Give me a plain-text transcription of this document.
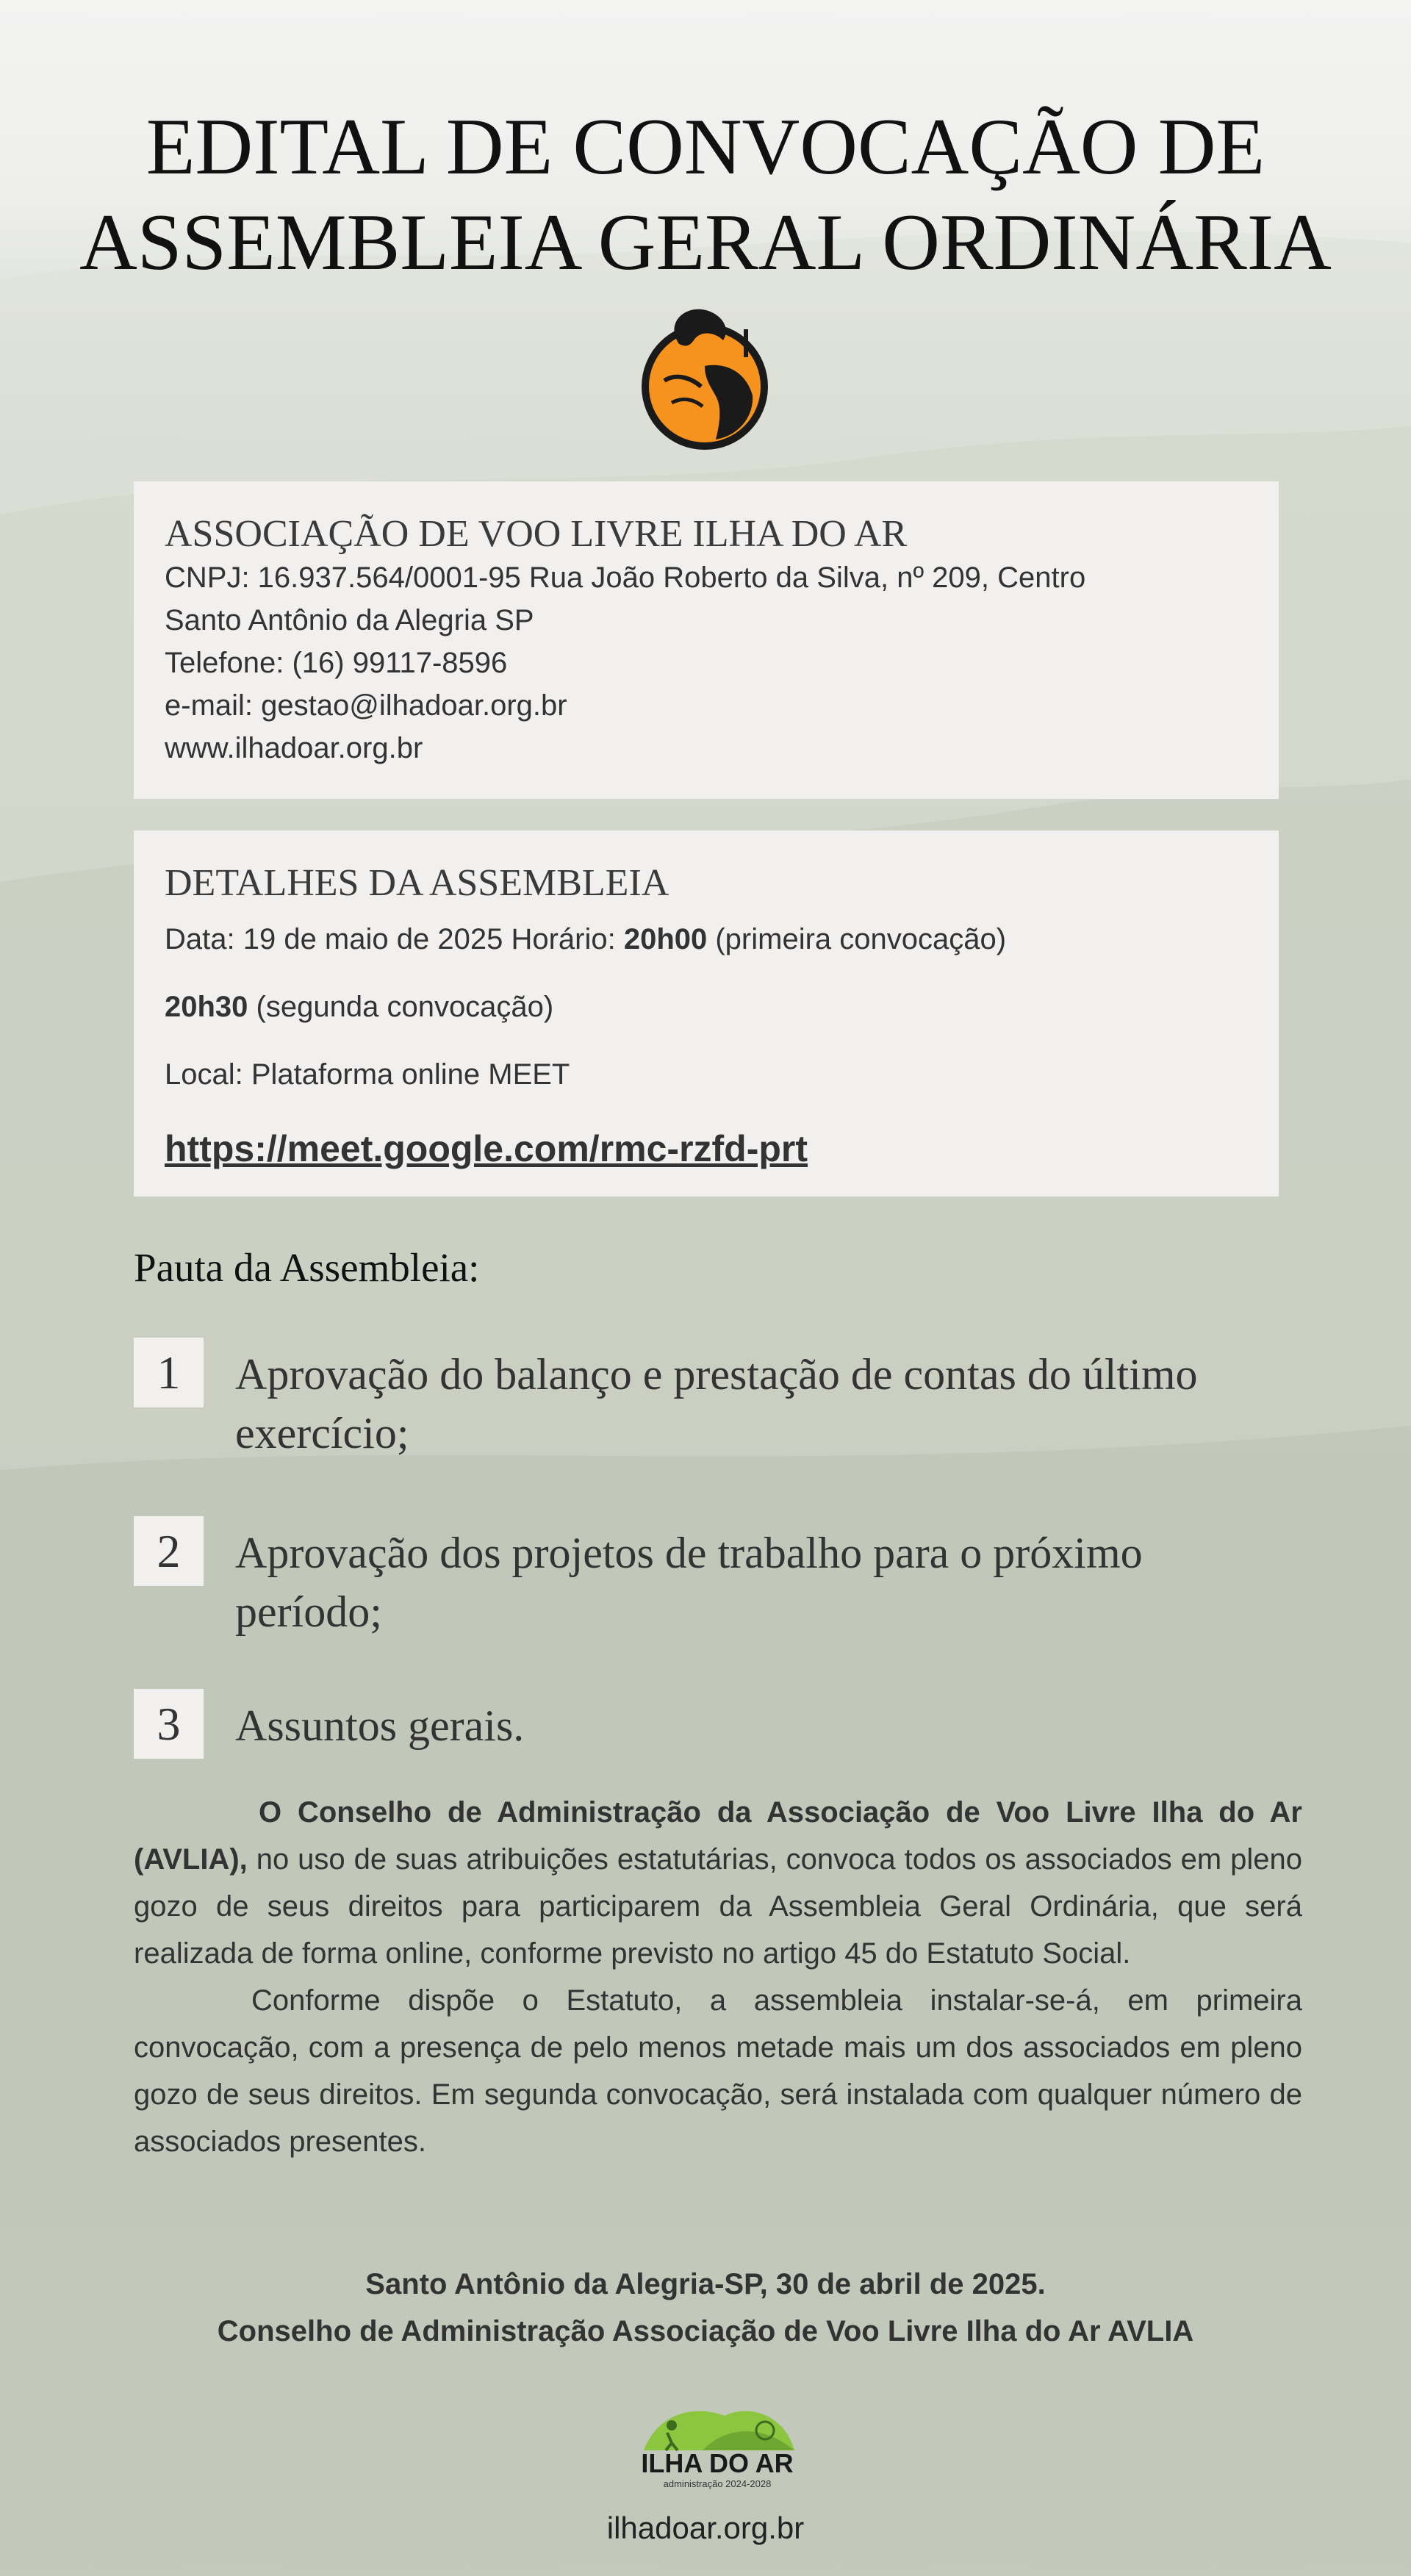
EDITAL DE CONVOCAÇÃO DE
ASSEMBLEIA GERAL ORDINÁRIA
ASSOCIAÇÃO DE VOO LIVRE ILHA DO AR
CNPJ: 16.937.564/0001-95 Rua João Roberto da Silva, nº 209, Centro
Santo Antônio da Alegria SP
Telefone: (16) 99117-8596
e-mail: gestao@ilhadoar.org.br
www.ilhadoar.org.br
DETALHES DA ASSEMBLEIA
Data: 19 de maio de 2025 Horário: 20h00 (primeira convocação)
20h30 (segunda convocação)
Local: Plataforma online MEET
https://meet.google.com/rmc-rzfd-prt
Pauta da Assembleia:
1	Aprovação do balanço e prestação de contas do último
exercício;
2	Aprovação dos projetos de trabalho para o próximo
período;
3	Assuntos gerais.

O Conselho de Administração da Associação de Voo Livre Ilha do Ar (AVLIA), no uso de suas atribuições estatutárias, convoca todos os associados em pleno gozo de seus direitos para participarem da Assembleia Geral Ordinária, que será realizada de forma online, conforme previsto no artigo 45 do Estatuto Social.

Conforme dispõe o Estatuto, a assembleia instalar-se-á, em primeira convocação, com a presença de pelo menos metade mais um dos associados em pleno gozo de seus direitos. Em segunda convocação, será instalada com qualquer número de associados presentes.

Santo Antônio da Alegria-SP, 30 de abril de 2025.
Conselho de Administração Associação de Voo Livre Ilha do Ar AVLIA
ILHA DO AR
administração 2024-2028
ilhadoar.org.br
